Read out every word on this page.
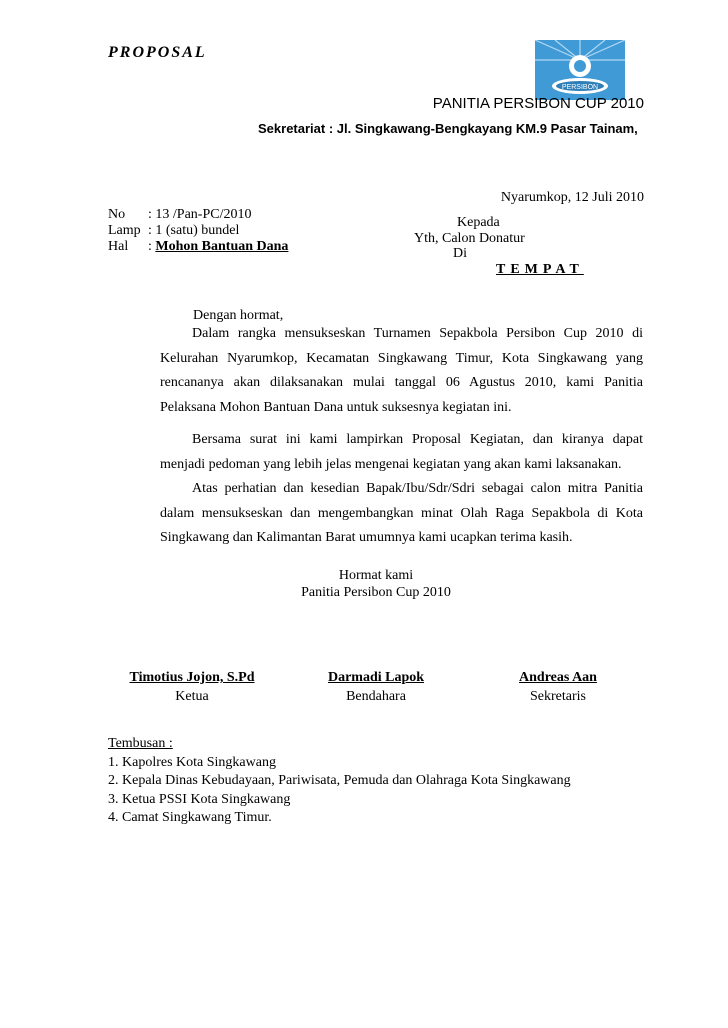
PROPOSAL
PERSIBON
PANITIA PERSIBON CUP 2010
Sekretariat : Jl. Singkawang-Bengkayang KM.9 Pasar Tainam,
Nyarumkop, 12 Juli 2010
No : 13 /Pan-PC/2010
Lamp : 1 (satu) bundel
Hal : Mohon Bantuan Dana
Kepada
Yth, Calon Donatur
Di
TEMPAT
Dengan hormat,

Dalam rangka mensukseskan Turnamen Sepakbola Persibon Cup 2010 di Kelurahan Nyarumkop, Kecamatan Singkawang Timur, Kota Singkawang yang rencananya akan dilaksanakan mulai tanggal 06 Agustus 2010, kami Panitia Pelaksana Mohon Bantuan Dana untuk suksesnya kegiatan ini.

Bersama surat ini kami lampirkan Proposal Kegiatan, dan kiranya dapat menjadi pedoman yang lebih jelas mengenai kegiatan yang akan kami laksanakan.

Atas perhatian dan kesedian Bapak/Ibu/Sdr/Sdri sebagai calon mitra Panitia dalam mensukseskan dan mengembangkan minat Olah Raga Sepakbola di Kota Singkawang dan Kalimantan Barat umumnya kami ucapkan terima kasih.

Hormat kami
Panitia Persibon Cup 2010
Timotius Jojon, S.Pd
Ketua
Darmadi Lapok
Bendahara
Andreas Aan
Sekretaris
Tembusan :
1. Kapolres Kota Singkawang
2. Kepala Dinas Kebudayaan, Pariwisata, Pemuda dan Olahraga Kota Singkawang
3. Ketua PSSI Kota Singkawang
4. Camat Singkawang Timur.
